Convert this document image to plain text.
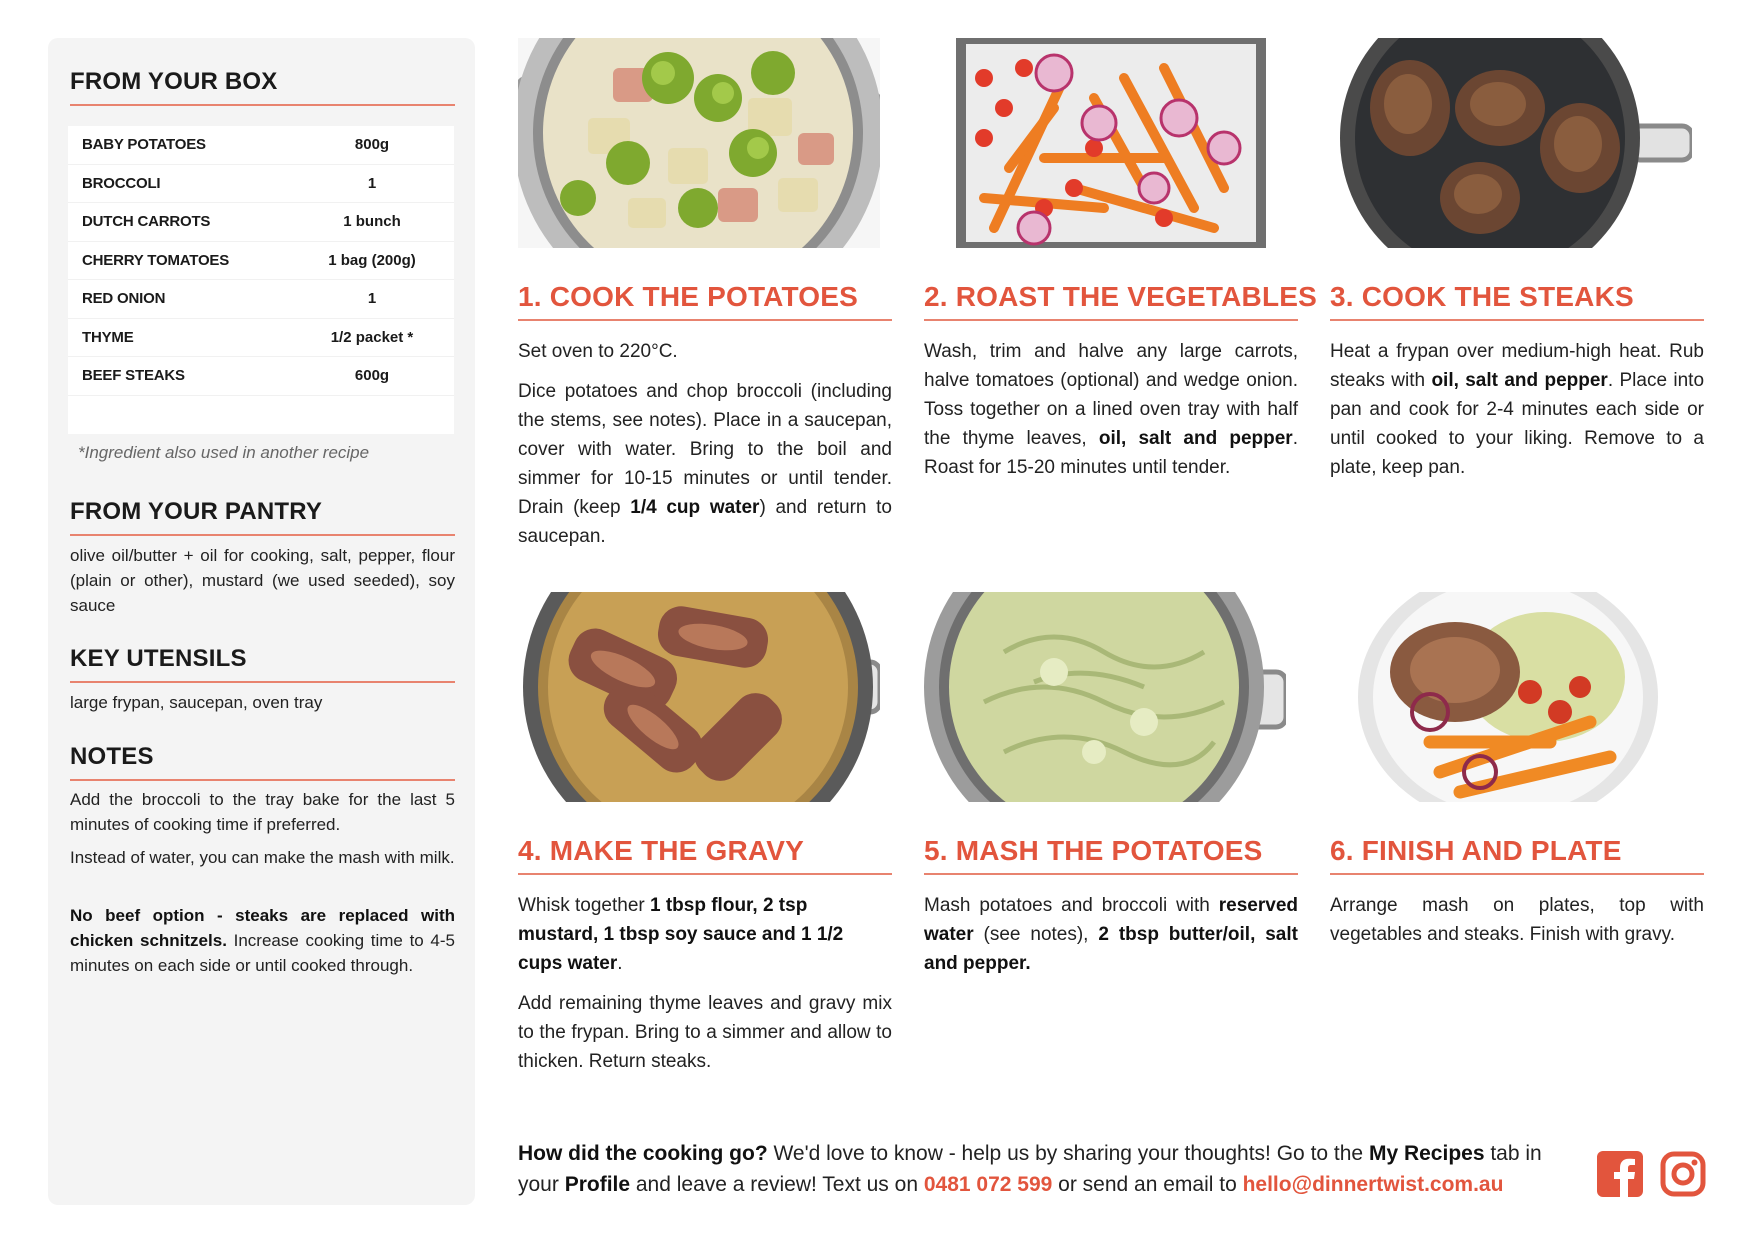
FROM YOUR BOX
BABY POTATOES	800g
BROCCOLI	1
DUTCH CARROTS	1 bunch
CHERRY TOMATOES	1 bag (200g)
RED ONION	1
THYME	1/2 packet *
BEEF STEAKS	600g
*Ingredient also used in another recipe
FROM YOUR PANTRY
olive oil/butter + oil for cooking, salt, pepper, flour (plain or other), mustard (we used seeded), soy sauce
KEY UTENSILS
large frypan, saucepan, oven tray
NOTES
Add the broccoli to the tray bake for the last 5 minutes of cooking time if preferred.
Instead of water, you can make the mash with milk.
No beef option - steaks are replaced with chicken schnitzels. Increase cooking time to 4-5 minutes on each side or until cooked through.
1. COOK THE POTATOES

Set oven to 220°C.

Dice potatoes and chop broccoli (including the stems, see notes). Place in a saucepan, cover with water. Bring to the boil and simmer for 10-15 minutes or until tender. Drain (keep 1/4 cup water) and return to saucepan.

2. ROAST THE VEGETABLES

Wash, trim and halve any large carrots, halve tomatoes (optional) and wedge onion. Toss together on a lined oven tray with half the thyme leaves, oil, salt and pepper. Roast for 15-20 minutes until tender.

3. COOK THE STEAKS

Heat a frypan over medium-high heat. Rub steaks with oil, salt and pepper. Place into pan and cook for 2-4 minutes each side or until cooked to your liking. Remove to a plate, keep pan.

4. MAKE THE GRAVY

Whisk together 1 tbsp flour, 2 tsp mustard, 1 tbsp soy sauce and 1 1/2 cups water.

Add remaining thyme leaves and gravy mix to the frypan. Bring to a simmer and allow to thicken. Return steaks.

5. MASH THE POTATOES

Mash potatoes and broccoli with reserved water (see notes), 2 tbsp butter/oil, salt and pepper.

6. FINISH AND PLATE

Arrange mash on plates, top with vegetables and steaks. Finish with gravy.

How did the cooking go? We'd love to know - help us by sharing your thoughts! Go to the My Recipes tab in your Profile and leave a review! Text us on 0481 072 599 or send an email to hello@dinnertwist.com.au
